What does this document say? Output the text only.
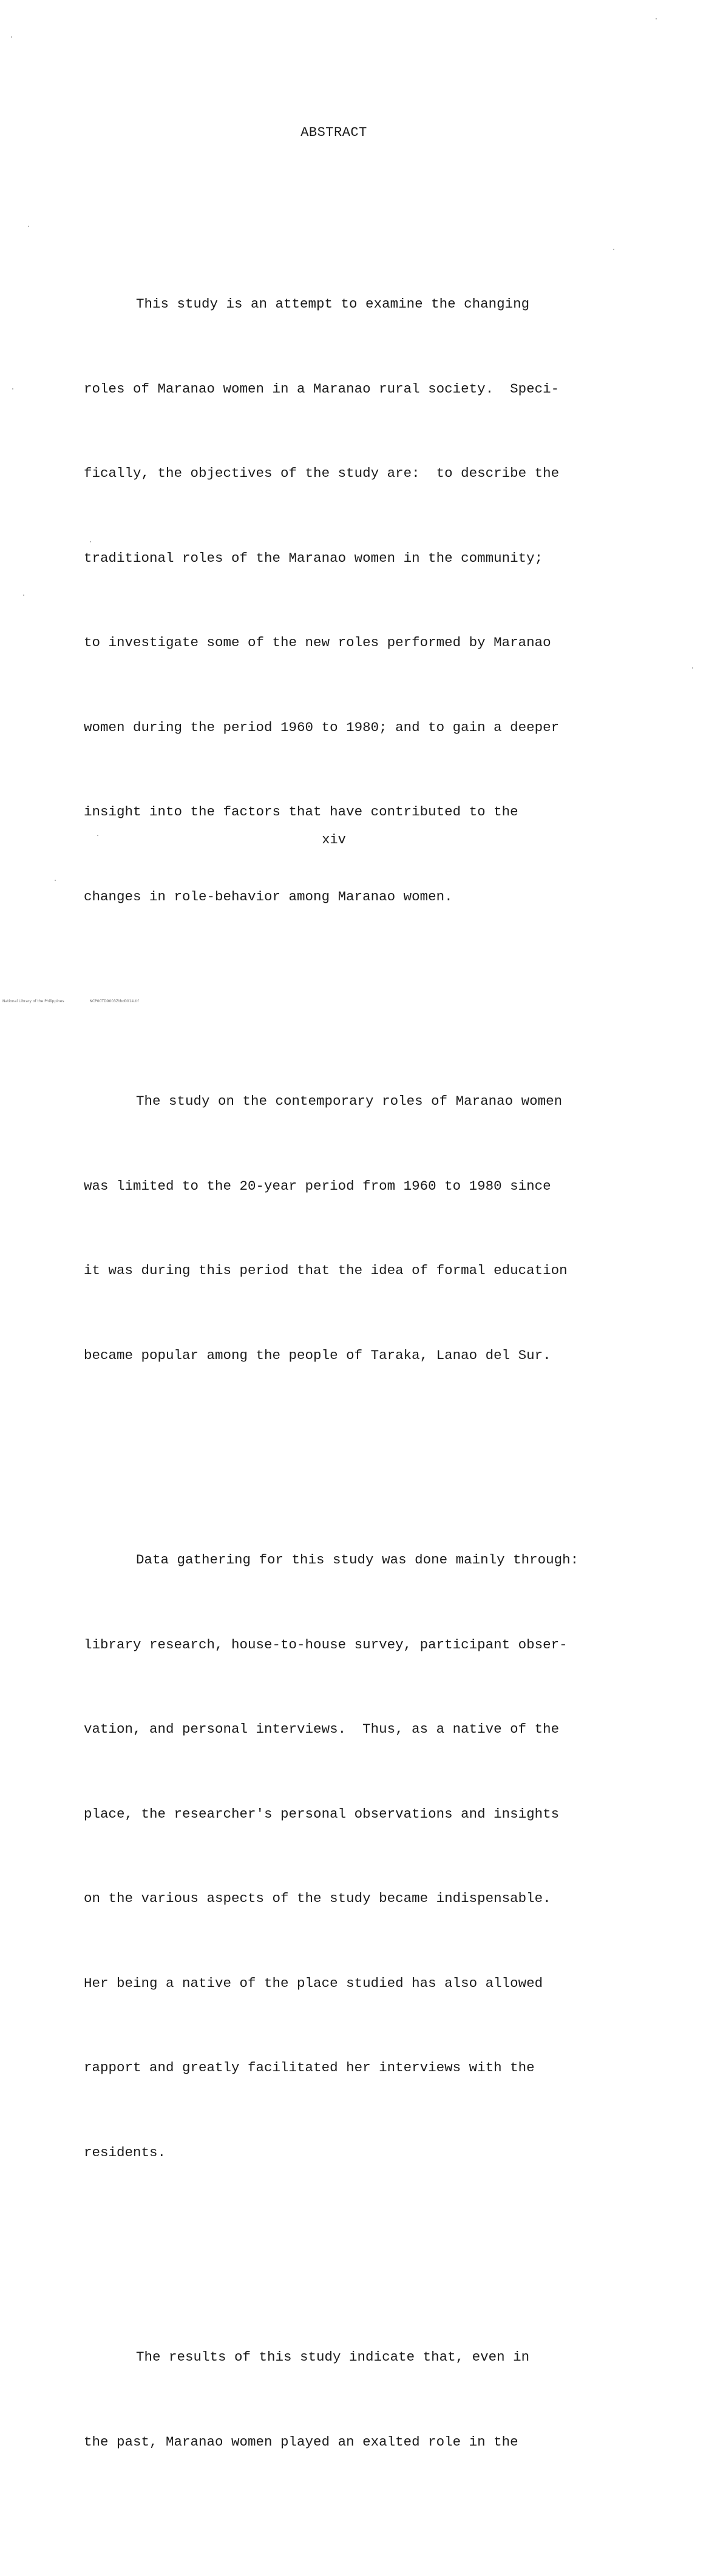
ABSTRACT

This study is an attempt to examine the changing

roles of Maranao women in a Maranao rural society.  Speci-

fically, the objectives of the study are:  to describe the

traditional roles of the Maranao women in the community;

to investigate some of the new roles performed by Maranao

women during the period 1960 to 1980; and to gain a deeper

insight into the factors that have contributed to the

changes in role-behavior among Maranao women.

The study on the contemporary roles of Maranao women

was limited to the 20-year period from 1960 to 1980 since

it was during this period that the idea of formal education

became popular among the people of Taraka, Lanao del Sur.

Data gathering for this study was done mainly through:

library research, house-to-house survey, participant obser-

vation, and personal interviews.  Thus, as a native of the

place, the researcher's personal observations and insights

on the various aspects of the study became indispensable.

Her being a native of the place studied has also allowed

rapport and greatly facilitated her interviews with the

residents.

The results of this study indicate that, even in

the past, Maranao women played an exalted role in the

xiv
National Library of the Philippines	NCP00TD9003Zthd0014.tif
